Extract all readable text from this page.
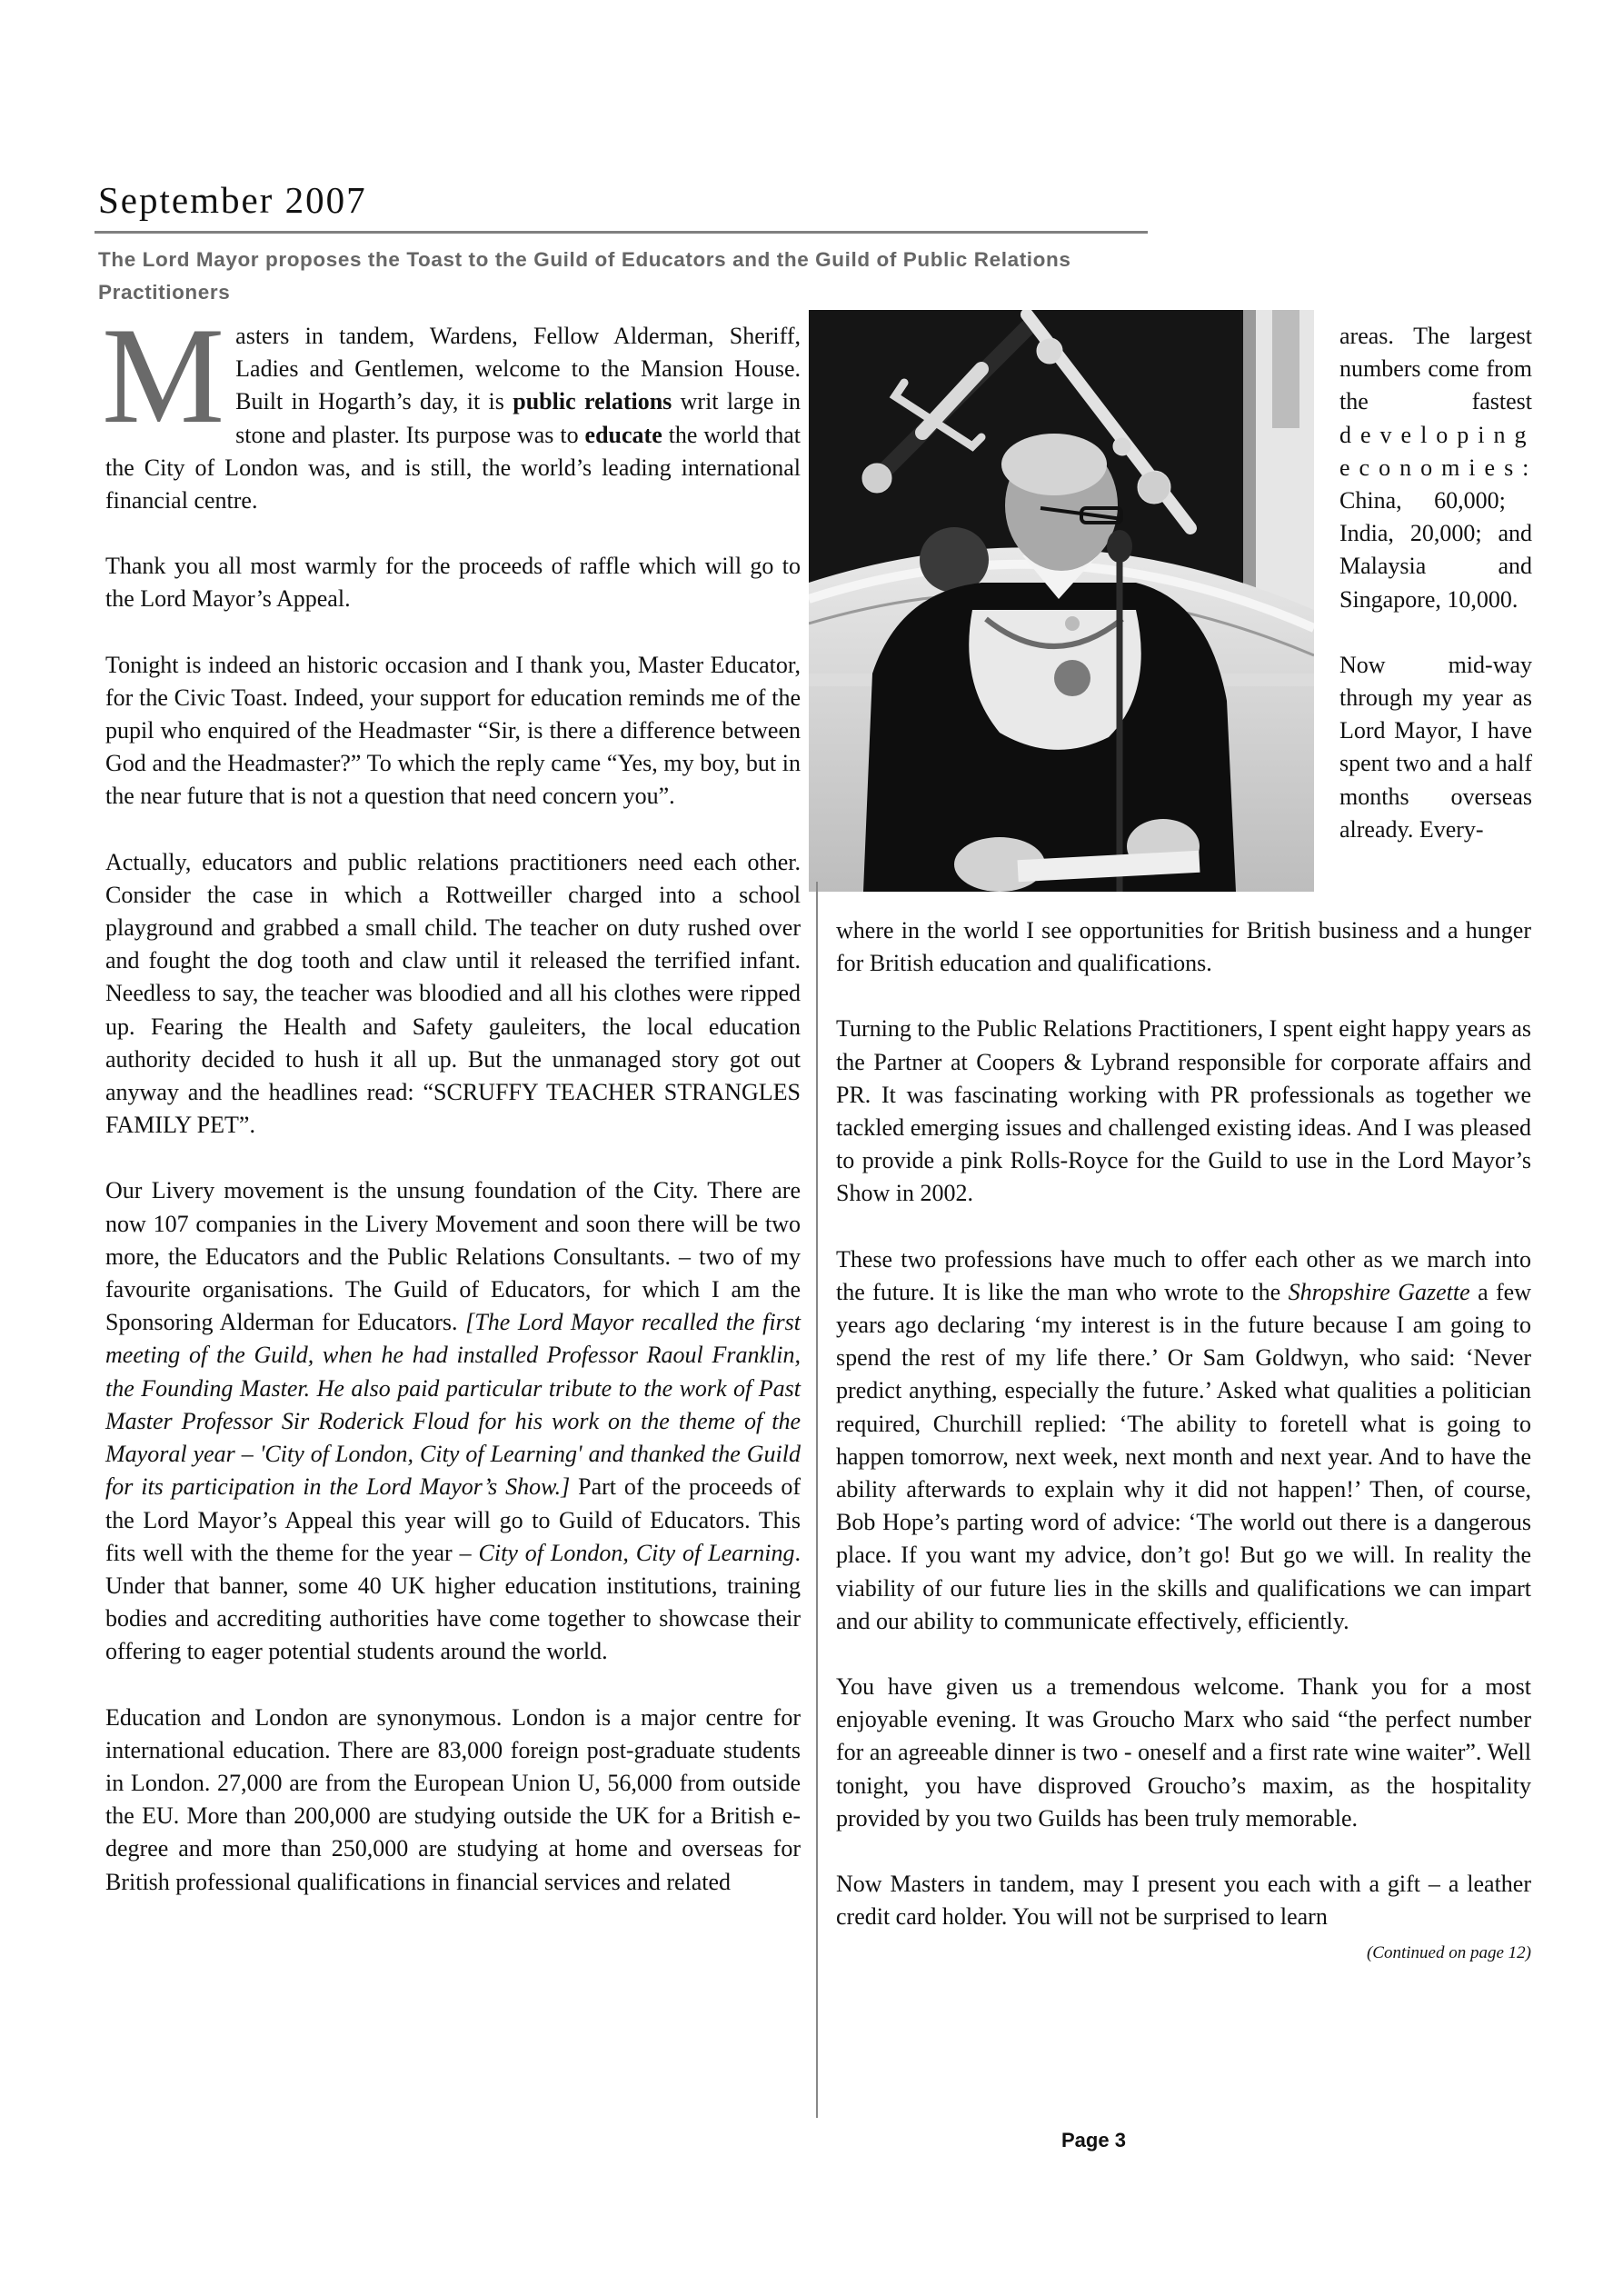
September 2007
The Lord Mayor proposes the Toast to the Guild of Educators and the Guild of Public Relations Practitioners

Masters in tandem, Wardens, Fellow Alderman, Sheriff, Ladies and Gentlemen, welcome to the Mansion House. Built in Hogarth’s day, it is public relations writ large in stone and plaster. Its purpose was to educate the world that the City of London was, and is still, the world’s leading international financial centre.

Thank you all most warmly for the proceeds of raffle which will go to the Lord Mayor’s Appeal.

Tonight is indeed an historic occasion and I thank you, Master Educator, for the Civic Toast. Indeed, your support for education reminds me of the pupil who enquired of the Headmaster “Sir, is there a difference between God and the Headmaster?” To which the reply came “Yes, my boy, but in the near future that is not a question that need concern you”.

Actually, educators and public relations practitioners need each other. Consider the case in which a Rottweiller charged into a school playground and grabbed a small child. The teacher on duty rushed over and fought the dog tooth and claw until it released the terrified infant. Needless to say, the teacher was bloodied and all his clothes were ripped up. Fearing the Health and Safety gauleiters, the local education authority decided to hush it all up. But the unmanaged story got out anyway and the headlines read: “SCRUFFY TEACHER STRANGLES FAMILY PET”.

Our Livery movement is the unsung foundation of the City. There are now 107 companies in the Livery Movement and soon there will be two more, the Educators and the Public Relations Consultants. – two of my favourite organisations. The Guild of Educators, for which I am the Sponsoring Alderman for Educators. [The Lord Mayor recalled the first meeting of the Guild, when he had installed Professor Raoul Franklin, the Founding Master. He also paid particular tribute to the work of Past Master Professor Sir Roderick Floud for his work on the theme of the Mayoral year – 'City of London, City of Learning' and thanked the Guild for its participation in the Lord Mayor’s Show.] Part of the proceeds of the Lord Mayor’s Appeal this year will go to Guild of Educators. This fits well with the theme for the year – City of London, City of Learning. Under that banner, some 40 UK higher education institutions, training bodies and accrediting authorities have come together to showcase their offering to eager potential students around the world.

Education and London are synonymous. London is a major centre for international education. There are 83,000 foreign post-graduate students in London. 27,000 are from the European Union U, 56,000 from outside the EU. More than 200,000 are studying outside the UK for a British e-degree and more than 250,000 are studying at home and overseas for British professional qualifications in financial services and related

areas. The largest numbers come from the fastest developing economies: China, 60,000; India, 20,000; and Malaysia and Singapore, 10,000.

Now mid-way through my year as Lord Mayor, I have spent two and a half months overseas already. Every-

where in the world I see opportunities for British business and a hunger for British education and qualifications.

Turning to the Public Relations Practitioners, I spent eight happy years as the Partner at Coopers & Lybrand responsible for corporate affairs and PR. It was fascinating working with PR professionals as together we tackled emerging issues and challenged existing ideas. And I was pleased to provide a pink Rolls-Royce for the Guild to use in the Lord Mayor’s Show in 2002.

These two professions have much to offer each other as we march into the future. It is like the man who wrote to the Shropshire Gazette a few years ago declaring ‘my interest is in the future because I am going to spend the rest of my life there.’ Or Sam Goldwyn, who said: ‘Never predict anything, especially the future.’ Asked what qualities a politician required, Churchill replied: ‘The ability to foretell what is going to happen tomorrow, next week, next month and next year. And to have the ability afterwards to explain why it did not happen!’ Then, of course, Bob Hope’s parting word of advice: ‘The world out there is a dangerous place. If you want my advice, don’t go! But go we will. In reality the viability of our future lies in the skills and qualifications we can impart and our ability to communicate effectively, efficiently.

You have given us a tremendous welcome. Thank you for a most enjoyable evening. It was Groucho Marx who said “the perfect number for an agreeable dinner is two - oneself and a first rate wine waiter”. Well tonight, you have disproved Groucho’s maxim, as the hospitality provided by you two Guilds has been truly memorable.

Now Masters in tandem, may I present you each with a gift – a leather credit card holder. You will not be surprised to learn

(Continued on page 12)
Page 3
